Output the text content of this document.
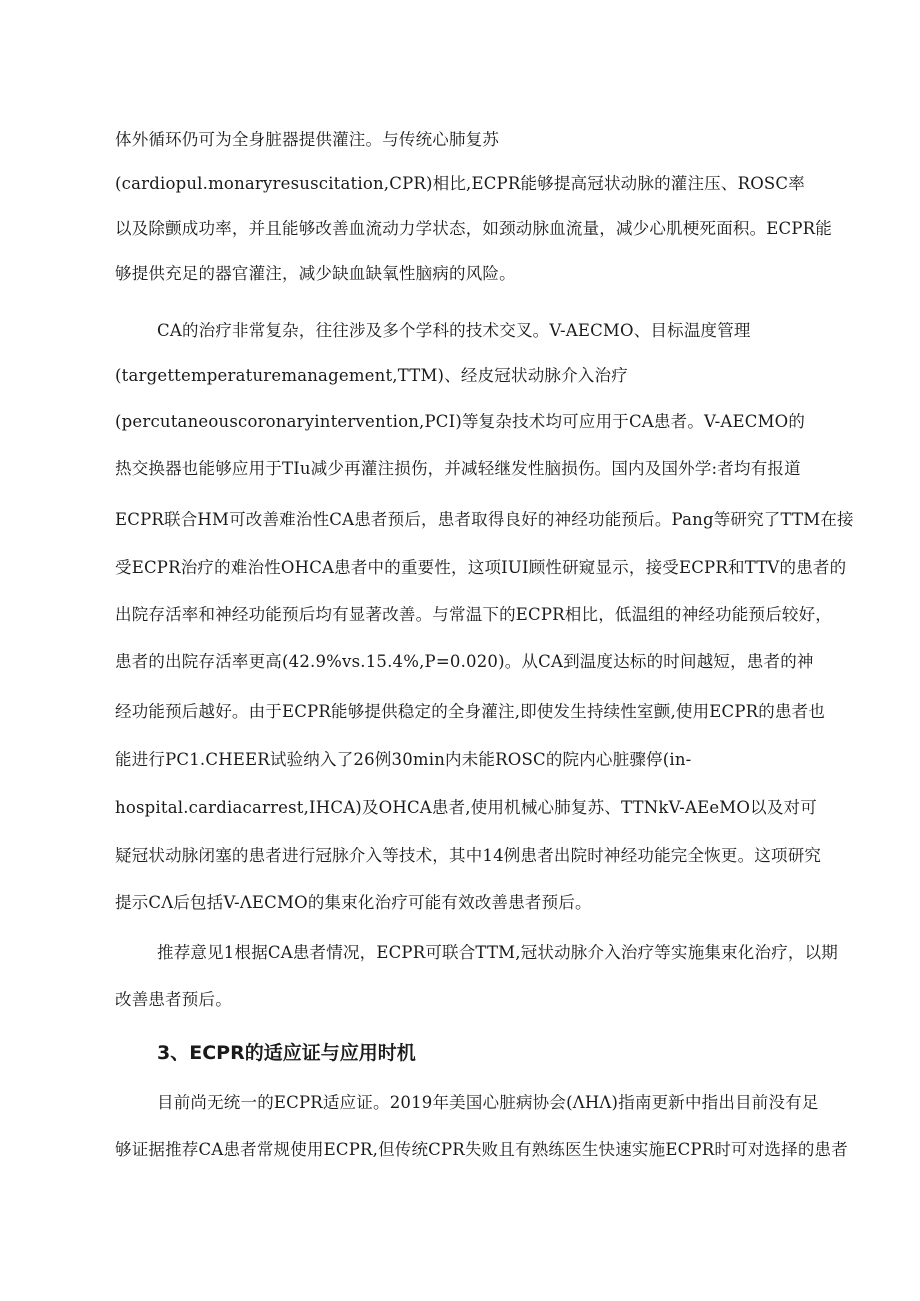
体外循环仍可为全身脏器提供灌注。与传统心肺复苏
(cardiopul.monaryresuscitation,CPR)相比,ECPR能够提高冠状动脉的灌注压、ROSC率
以及除颤成功率，并且能够改善血流动力学状态，如颈动脉血流量，减少心肌梗死面积。ECPR能
够提供充足的器官灌注，减少缺血缺氧性脑病的风险。
CA的治疗非常复杂，往往涉及多个学科的技术交叉。V-AECMO、目标温度管理
(targettemperaturemanagement,TTM)、经皮冠状动脉介入治疗
(percutaneouscoronaryintervention,PCI)等复杂技术均可应用于CA患者。V-AECMO的
热交换器也能够应用于TIu减少再灌注损伤，并减轻继发性脑损伤。国内及国外学:者均有报道
ECPR联合HM可改善难治性CA患者预后，患者取得良好的神经功能预后。Pang等研究了TTM在接
受ECPR治疗的难治性OHCA患者中的重要性，这项IUI顾性研窥显示，接受ECPR和TTV的患者的
出院存活率和神经功能预后均有显著改善。与常温下的ECPR相比，低温组的神经功能预后较好，
患者的出院存活率更高(42.9%vs.15.4%,P=0.020)。从CA到温度达标的时间越短，患者的神
经功能预后越好。由于ECPR能够提供稳定的全身灌注,即使发生持续性室颤,使用ECPR的患者也
能进行PC1.CHEER试验纳入了26例30min内未能ROSC的院内心脏骤停(in-
hospital.cardiacarrest,IHCA)及OHCA患者,使用机械心肺复苏、TTNkV-AEeMO以及对可
疑冠状动脉闭塞的患者进行冠脉介入等技术，其中14例患者出院时神经功能完全恢更。这项研究
提示CΛ后包括V-ΛECMO的集束化治疗可能有效改善患者预后。
推荐意见1根据CA患者情况，ECPR可联合TTM,冠状动脉介入治疗等实施集束化治疗，以期
改善患者预后。
3、ECPR的适应证与应用时机
目前尚无统一的ECPR适应证。2019年美国心脏病协会(ΛHΛ)指南更新中指出目前没有足
够证据推荐CA患者常规使用ECPR,但传统CPR失败且有熟练医生快速实施ECPR时可对选择的患者
